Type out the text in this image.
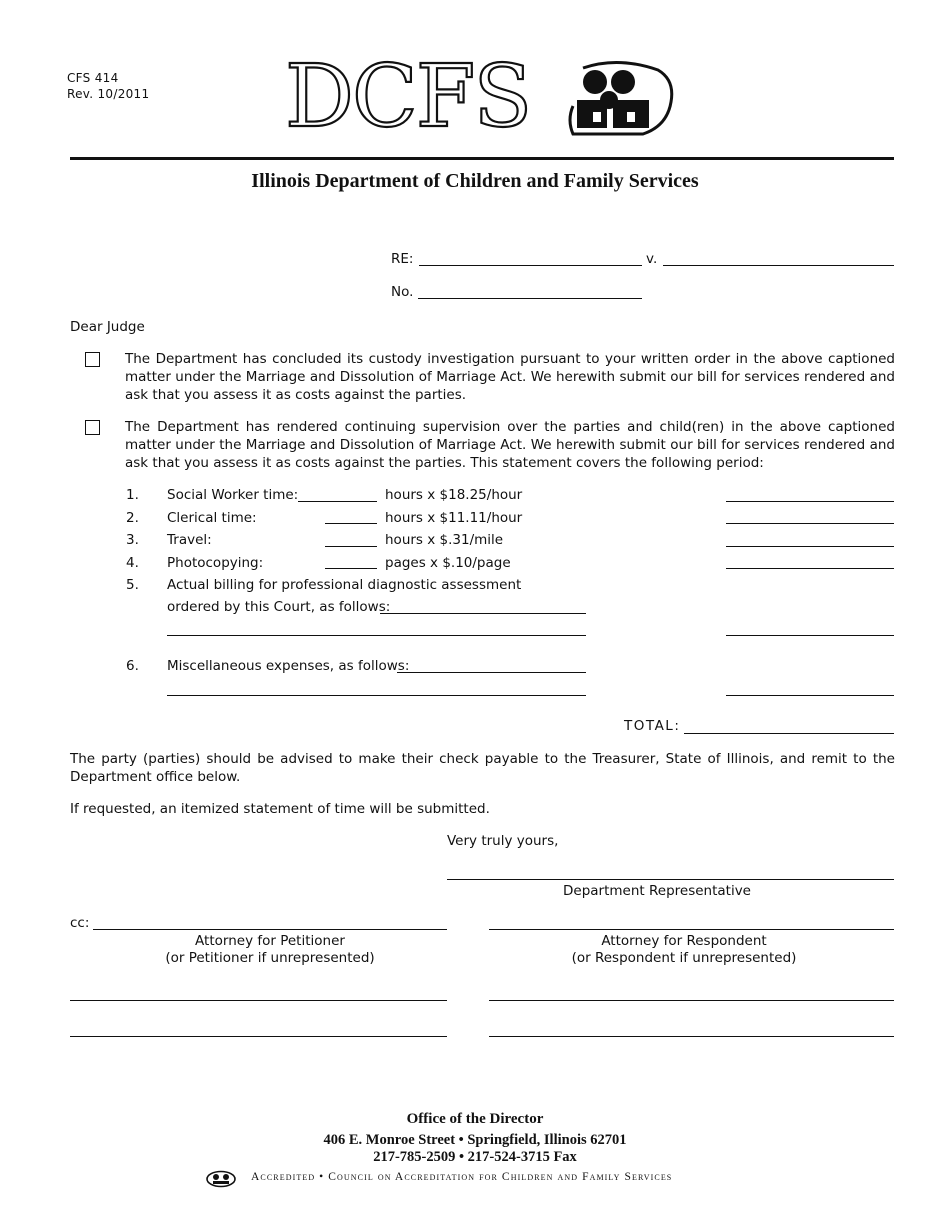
CFS 414
Rev. 10/2011 DCFS
Illinois Department of Children and Family Services
RE:	v.
No.
Dear Judge
The Department has concluded its custody investigation pursuant to your written order in the above captioned matter under the Marriage and Dissolution of Marriage Act. We herewith submit our bill for services rendered and ask that you assess it as costs against the parties.
The Department has rendered continuing supervision over the parties and child(ren) in the above captioned matter under the Marriage and Dissolution of Marriage Act. We herewith submit our bill for services rendered and ask that you assess it as costs against the parties. This statement covers the following period:
1. Social Worker time:	hours x $18.25/hour
2. Clerical time:	hours x $11.11/hour
3. Travel:	hours x $.31/mile
4. Photocopying:	pages x $.10/page
5. Actual billing for professional diagnostic assessment
ordered by this Court, as follows:
6. Miscellaneous expenses, as follows:
TOTAL:
The party (parties) should be advised to make their check payable to the Treasurer, State of Illinois, and remit to the Department office below.
If requested, an itemized statement of time will be submitted.
Very truly yours,
Department Representative
cc:
Attorney for Petitioner
(or Petitioner if unrepresented)
Attorney for Respondent
(or Respondent if unrepresented)
Office of the Director
406 E. Monroe Street • Springfield, Illinois 62701
217-785-2509 • 217-524-3715 Fax
Accredited • Council on Accreditation for Children and Family Services
